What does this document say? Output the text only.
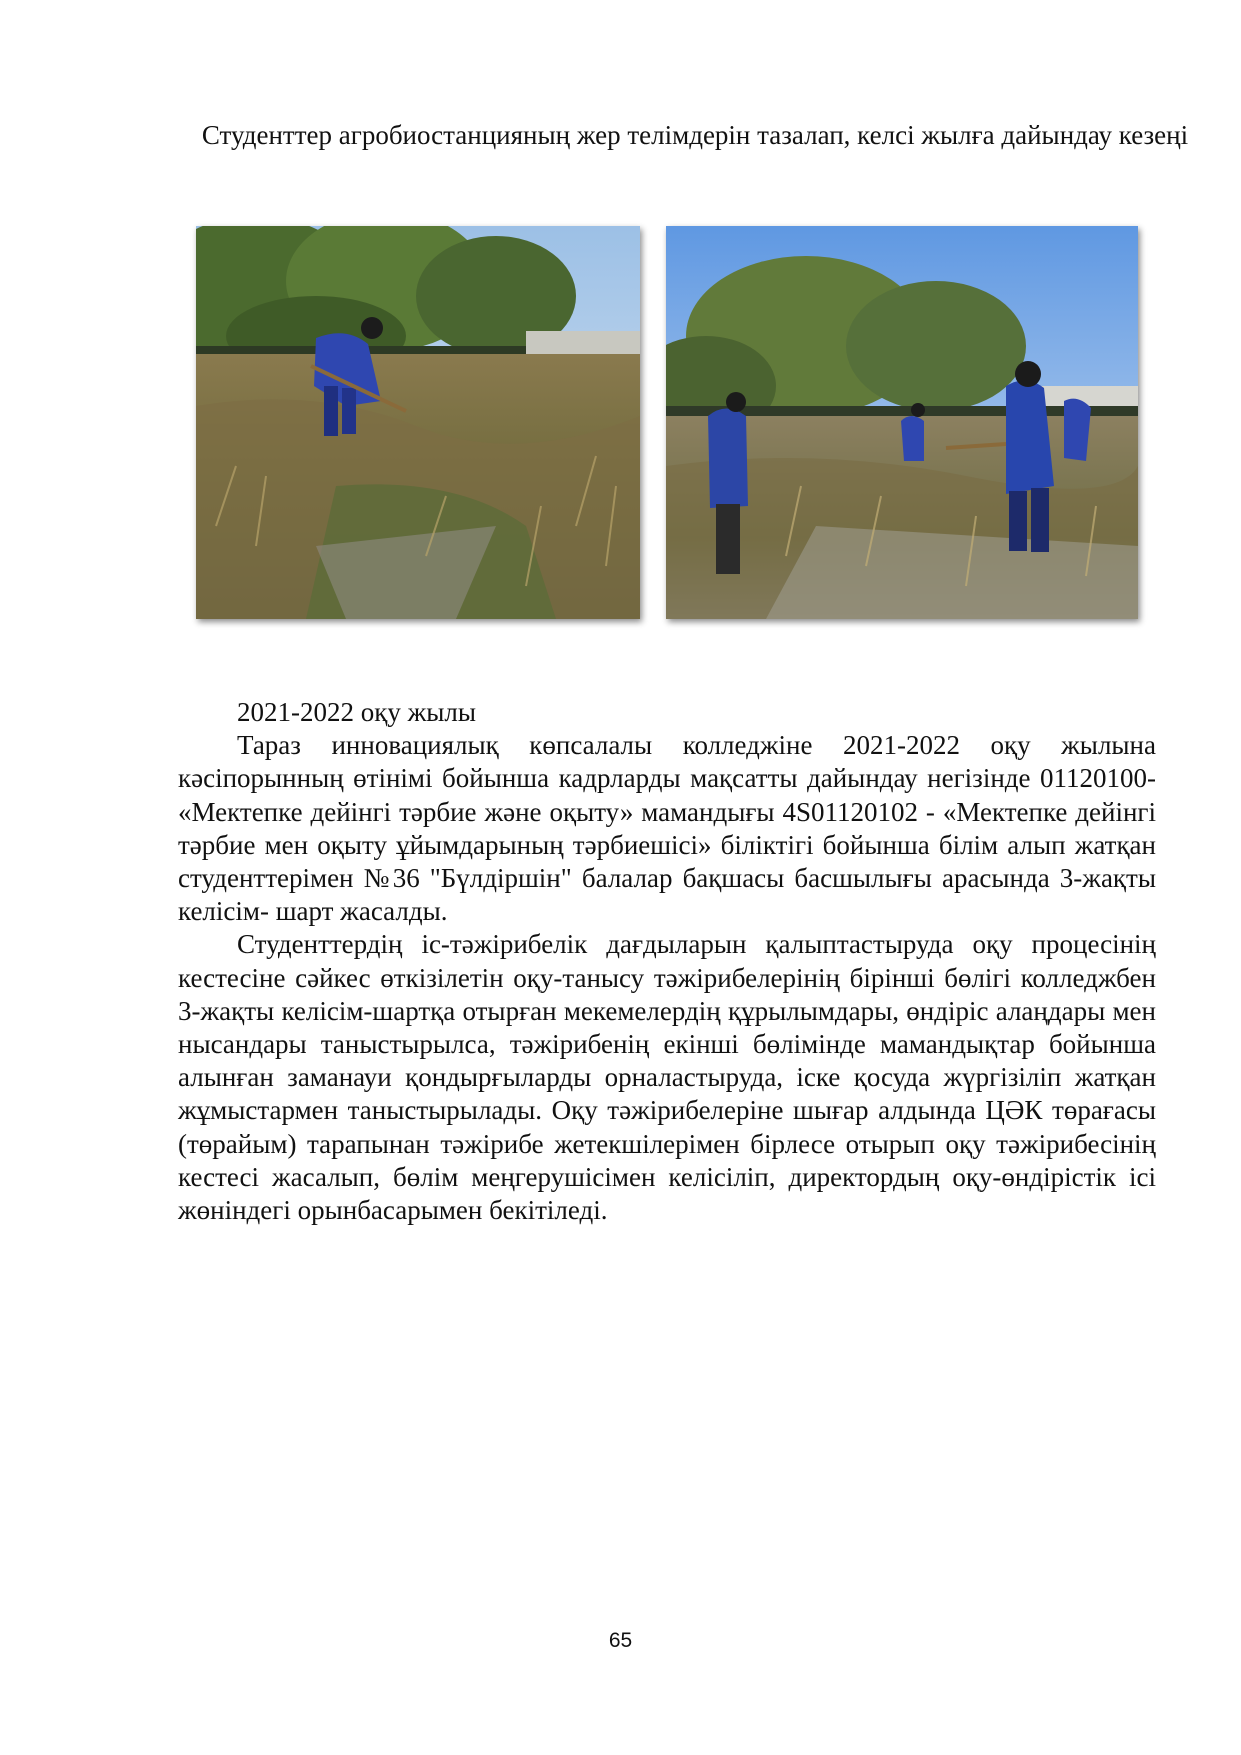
Студенттер агробиостанцияның жер телімдерін тазалап, келсі жылға дайындау кезеңі

2021-2022 оқу жылы

Тараз инновациялық көпсалалы колледжіне 2021-2022 оқу жылына кәсіпорынның өтінімі бойынша кадрларды мақсатты дайындау негізінде 01120100- «Мектепке дейінгі тәрбие және оқыту» мамандығы 4S01120102 - «Мектепке дейінгі тәрбие мен оқыту ұйымдарының тәрбиешісі» біліктігі бойынша білім алып жатқан студенттерімен №36 "Бүлдіршін" балалар бақшасы басшылығы арасында 3-жақты келісім- шарт жасалды.

Студенттердің іс-тәжірибелік дағдыларын қалыптастыруда оқу процесінің кестесіне сәйкес өткізілетін оқу-танысу тәжірибелерінің бірінші бөлігі колледжбен 3-жақты келісім-шартқа отырған мекемелердің құрылымдары, өндіріс алаңдары мен нысандары таныстырылса, тәжірибенің екінші бөлімінде мамандықтар бойынша алынған заманауи қондырғыларды орналастыруда, іске қосуда жүргізіліп жатқан жұмыстармен таныстырылады. Оқу тәжірибелеріне шығар алдында ЦӘК төрағасы (төрайым) тарапынан тәжірибе жетекшілерімен бірлесе отырып оқу тәжірибесінің кестесі жасалып, бөлім меңгерушісімен келісіліп, директордың оқу-өндірістік ісі жөніндегі орынбасарымен бекітіледі.

65
